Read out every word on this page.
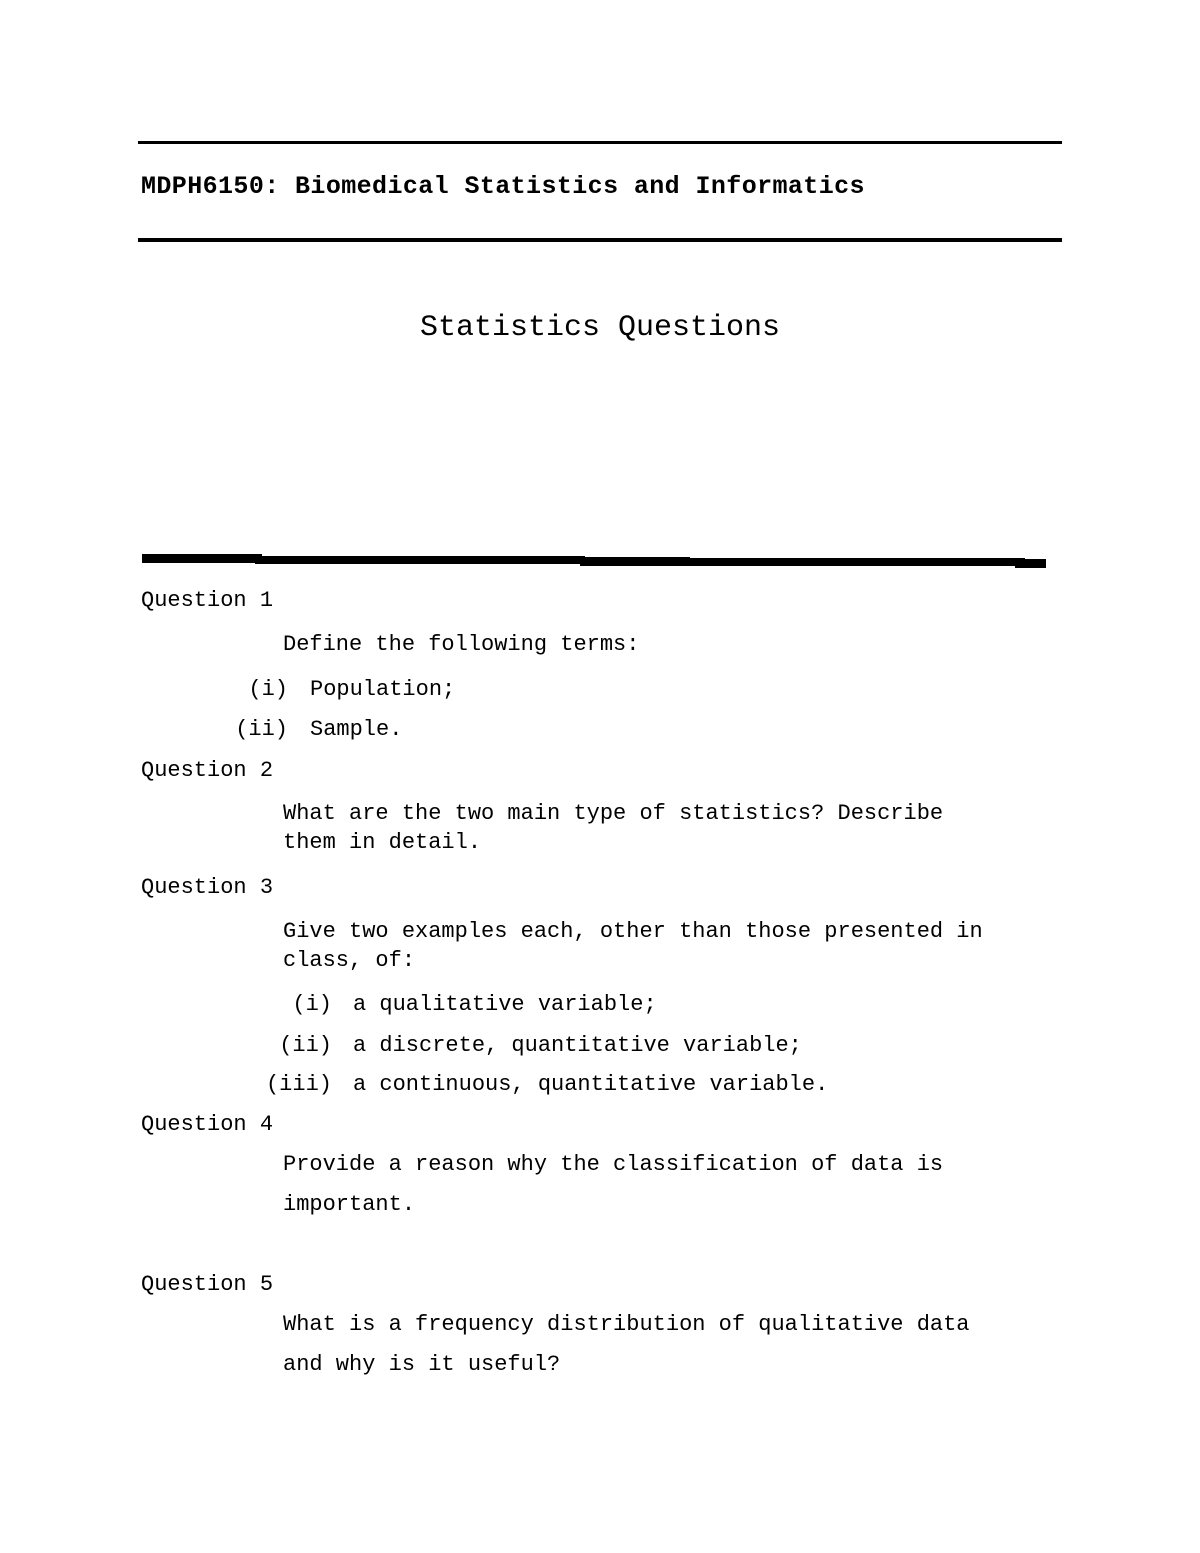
MDPH6150: Biomedical Statistics and Informatics
Statistics Questions
Question 1
Define the following terms:
(i) Population;
(ii) Sample.
Question 2
What are the two main type of statistics? Describe
them in detail.
Question 3
Give two examples each, other than those presented in
class, of:
(i) a qualitative variable;
(ii) a discrete, quantitative variable;
(iii) a continuous, quantitative variable.
Question 4
Provide a reason why the classification of data is
important.
Question 5
What is a frequency distribution of qualitative data
and why is it useful?
